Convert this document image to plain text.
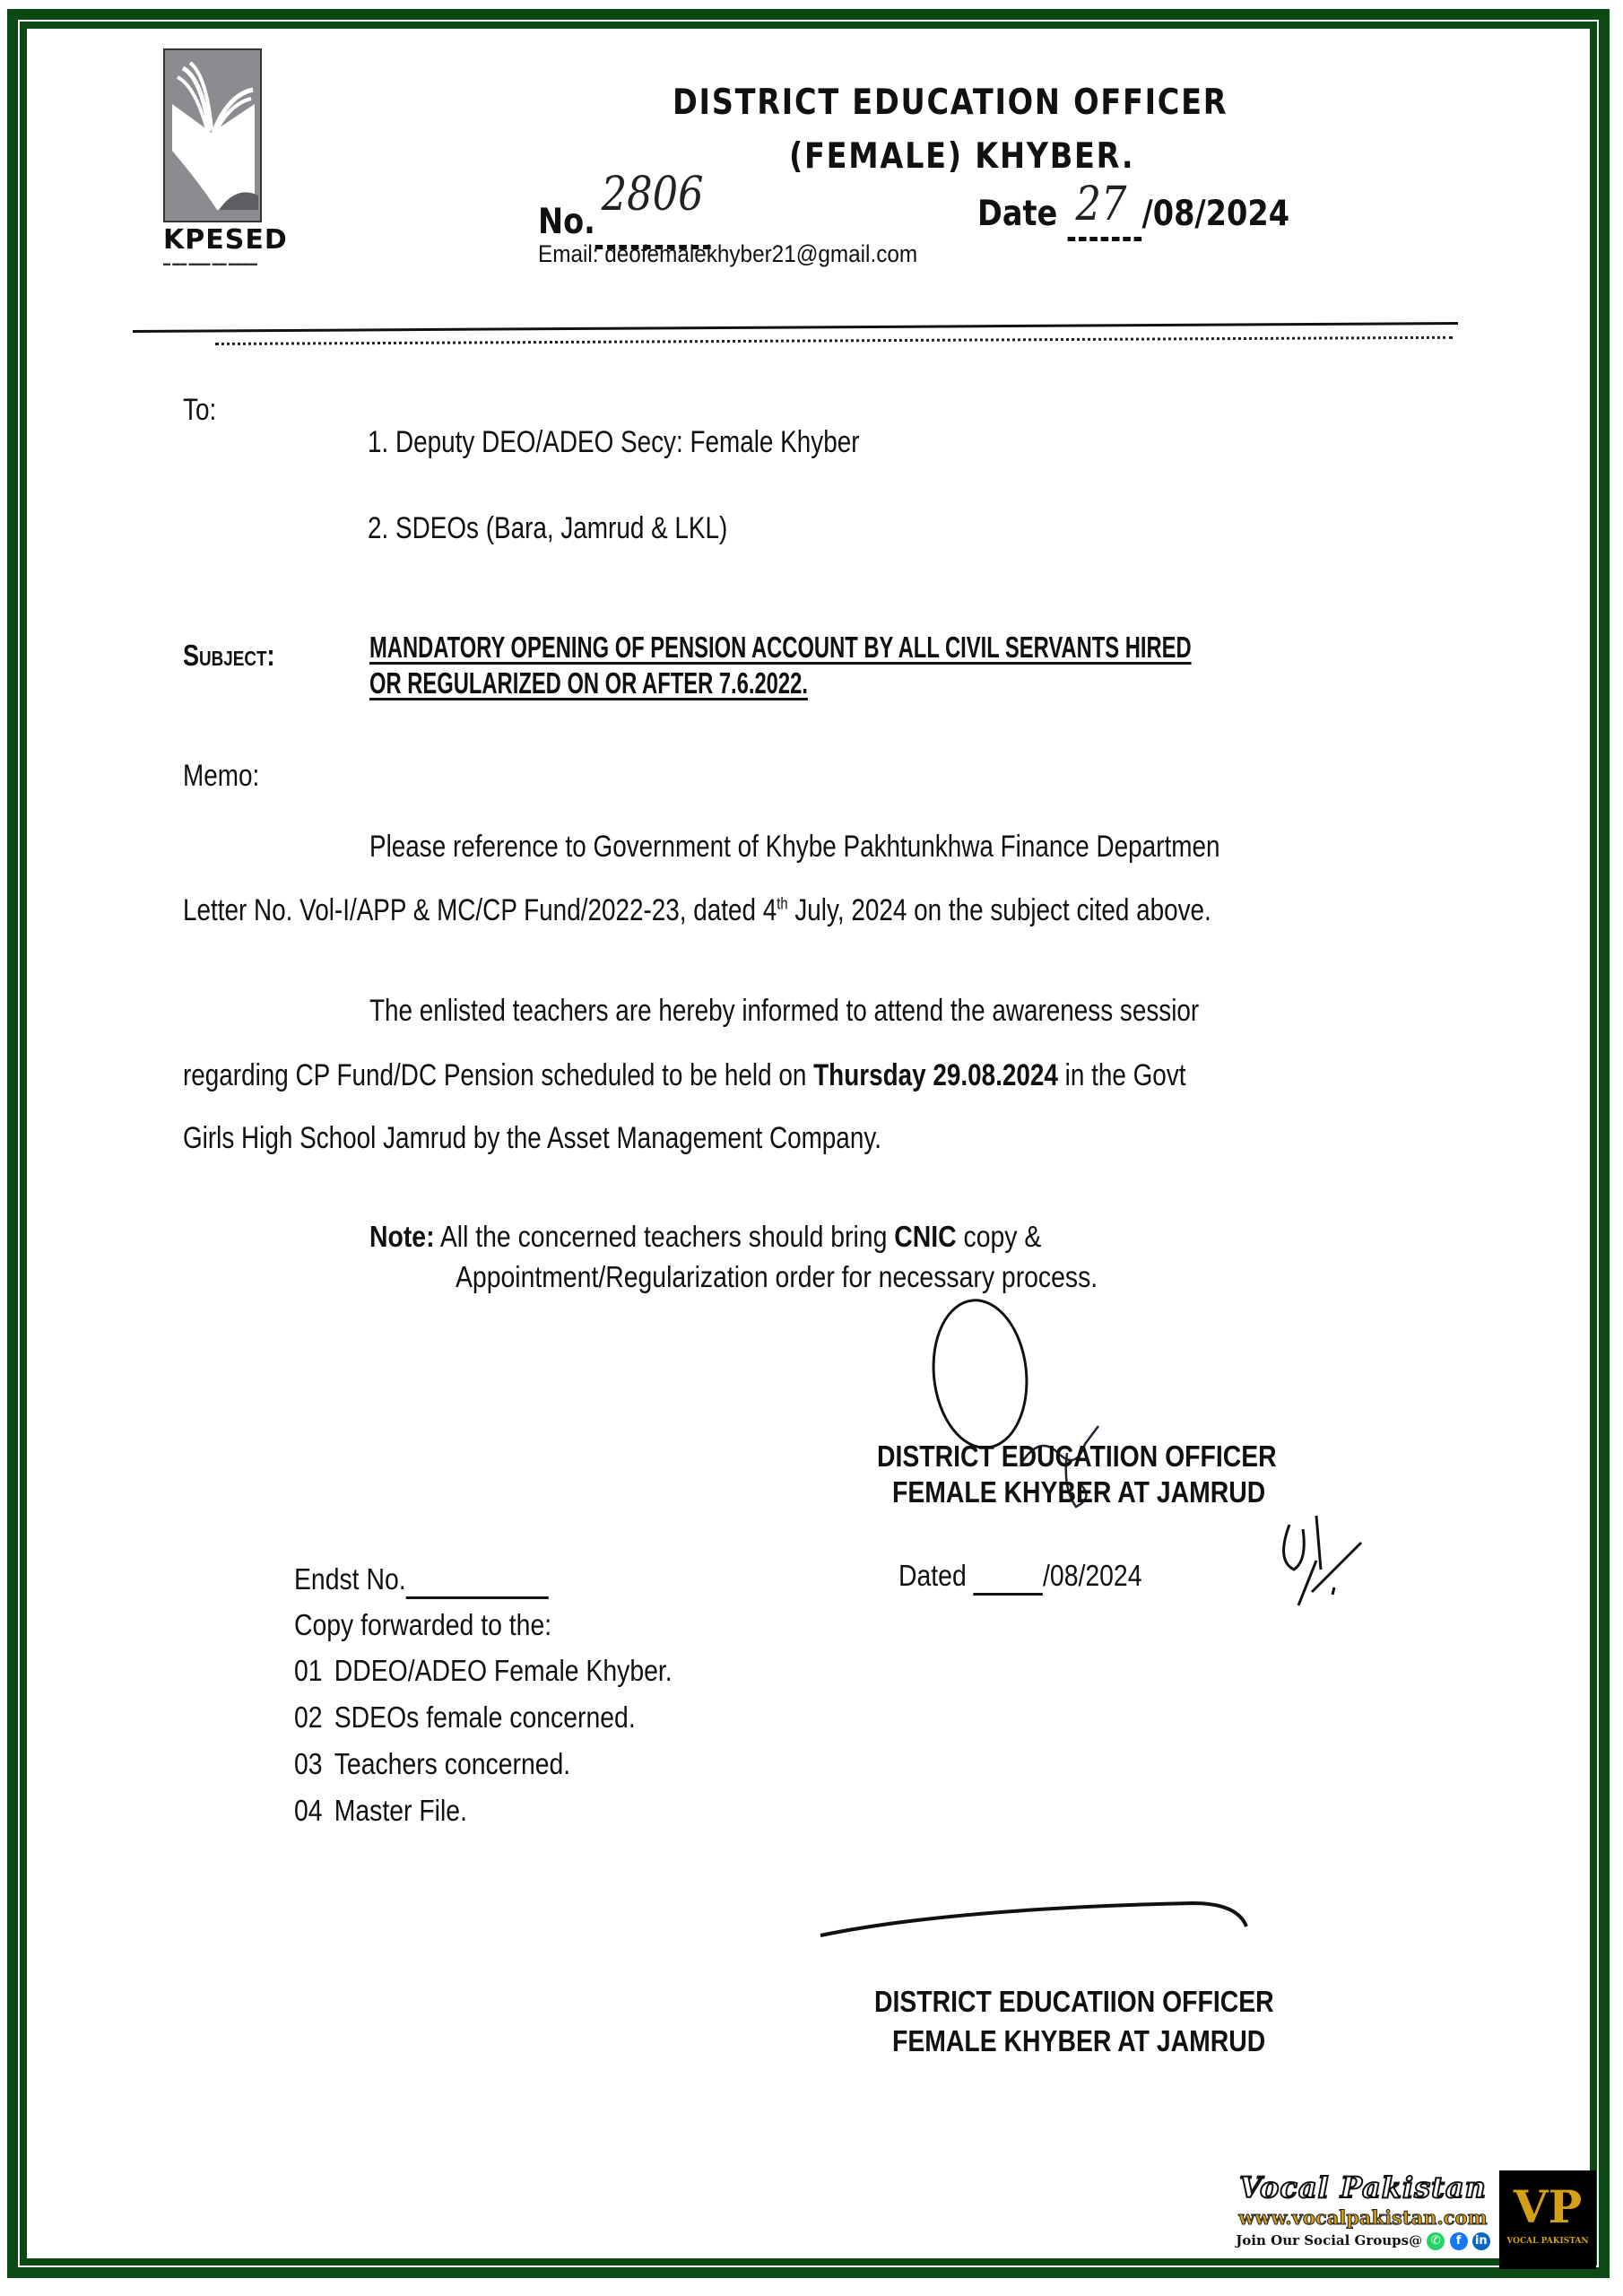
KPESED
▬ ▬▬ ▬▬▬ ▬▬ ▬▬▬▬
DISTRICT EDUCATION OFFICER
(FEMALE) KHYBER.
No.2806	Date 27 /08/2024
Email: deofemalekhyber21@gmail.com
To:
1. Deputy DEO/ADEO Secy: Female Khyber
2. SDEOs (Bara, Jamrud & LKL)
Subject:	MANDATORY OPENING OF PENSION ACCOUNT BY ALL CIVIL SERVANTS HIRED
OR REGULARIZED ON OR AFTER 7.6.2022.
Memo:
Please reference to Government of Khybe Pakhtunkhwa Finance Departmen
Letter No. Vol-I/APP & MC/CP Fund/2022-23, dated 4th July, 2024 on the subject cited above.
The enlisted teachers are hereby informed to attend the awareness sessior
regarding CP Fund/DC Pension scheduled to be held on Thursday 29.08.2024 in the Govt
Girls High School Jamrud by the Asset Management Company.
Note: All the concerned teachers should bring CNIC copy &
Appointment/Regularization order for necessary process.
DISTRICT EDUCATIION OFFICER
FEMALE KHYBER AT JAMRUD
Dated	/08/2024
Endst No.
Copy forwarded to the:
01 DDEO/ADEO Female Khyber.
02 SDEOs female concerned.
03 Teachers concerned.
04 Master File.
DISTRICT EDUCATIION OFFICER
FEMALE KHYBER AT JAMRUD
Vocal Pakistan
www.vocalpakistan.com
Join Our Social Groups@ ✆ f in
VP
VOCAL PAKISTAN
